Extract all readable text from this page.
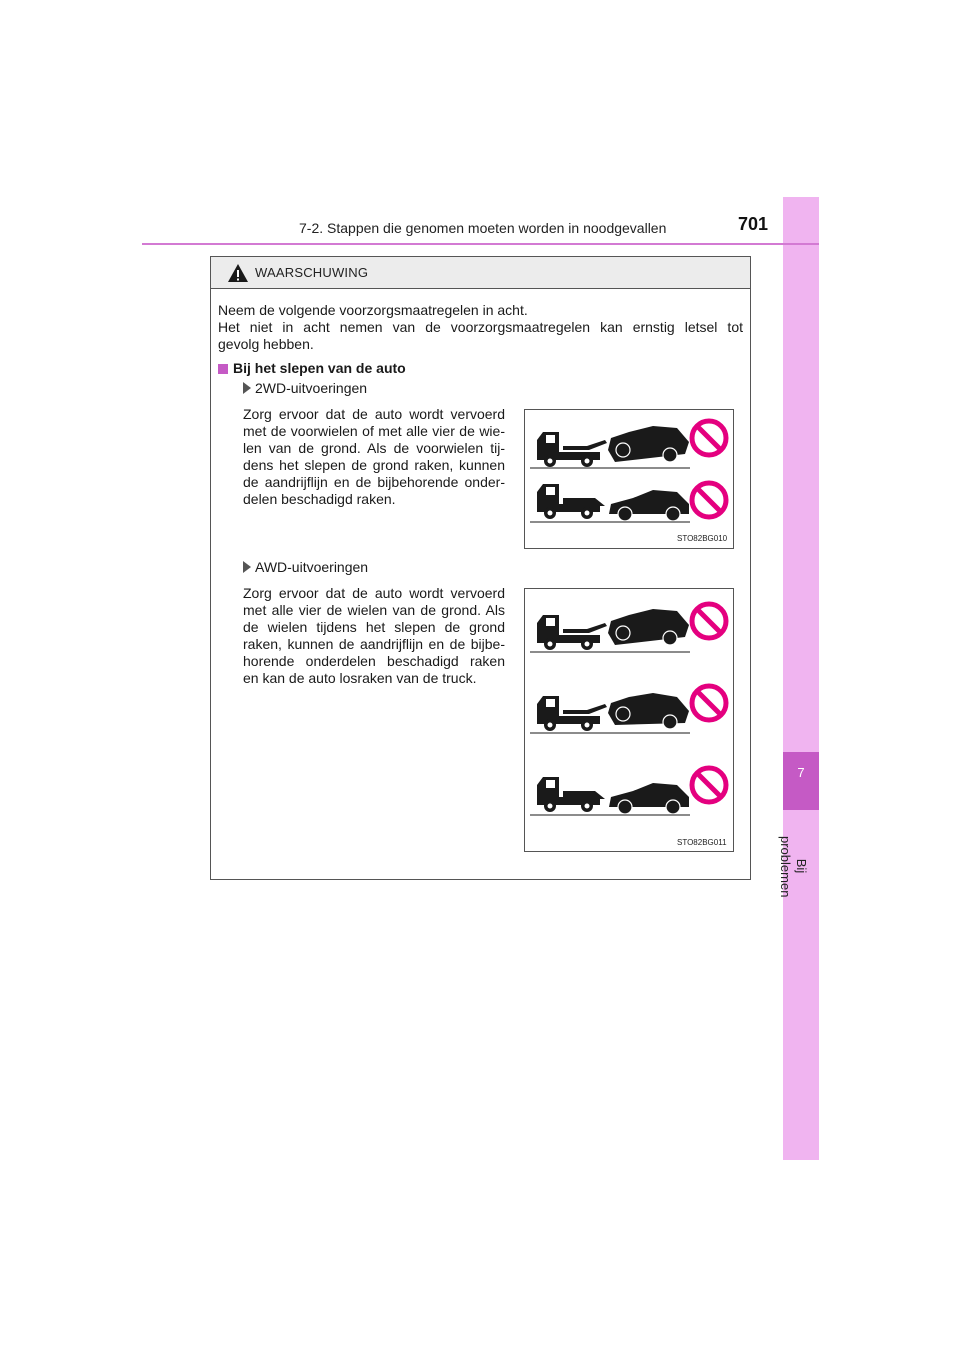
7
Bij problemen
7-2. Stappen die genomen moeten worden in noodgevallen	701
WAARSCHUWING
Neem de volgende voorzorgsmaatregelen in acht.
Het niet in acht nemen van de voorzorgsmaatregelen kan ernstig letsel tot
gevolg hebben.
Bij het slepen van de auto
2WD-uitvoeringen
Zorg ervoor dat de auto wordt vervoerd
met de voorwielen of met alle vier de wie-
len van de grond. Als de voorwielen tij-
dens het slepen de grond raken, kunnen
de aandrijflijn en de bijbehorende onder-
delen beschadigd raken.
STO82BG010
AWD-uitvoeringen
Zorg ervoor dat de auto wordt vervoerd
met alle vier de wielen van de grond. Als
de wielen tijdens het slepen de grond
raken, kunnen de aandrijflijn en de bijbe-
horende onderdelen beschadigd raken
en kan de auto losraken van de truck.
STO82BG011
